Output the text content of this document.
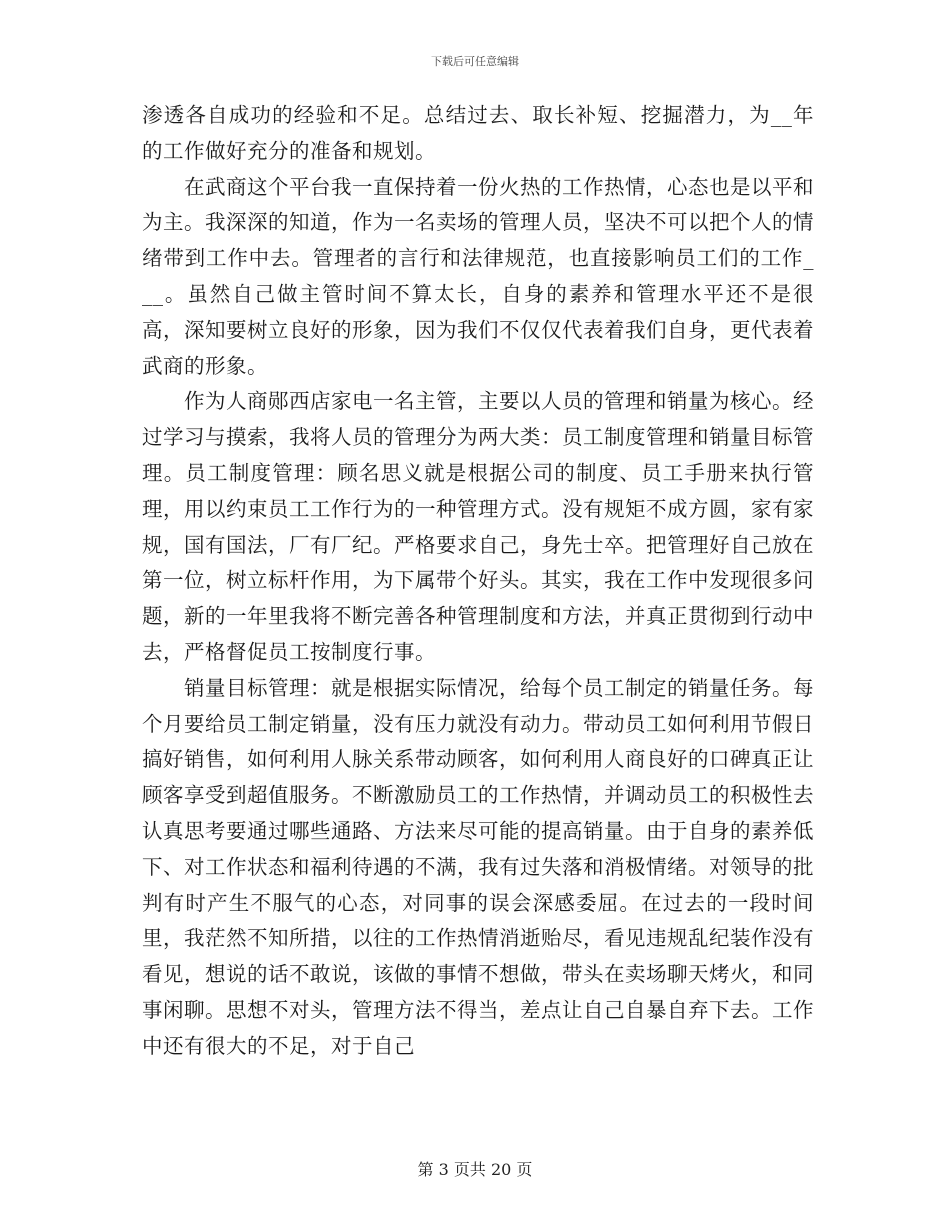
下载后可任意编辑

渗透各自成功的经验和不足。总结过去、取长补短、挖掘潜力，为__年的工作做好充分的准备和规划。

在武商这个平台我一直保持着一份火热的工作热情，心态也是以平和为主。我深深的知道，作为一名卖场的管理人员，坚决不可以把个人的情绪带到工作中去。管理者的言行和法律规范，也直接影响员工们的工作___。虽然自己做主管时间不算太长，自身的素养和管理水平还不是很高，深知要树立良好的形象，因为我们不仅仅代表着我们自身，更代表着武商的形象。

作为人商郧西店家电一名主管，主要以人员的管理和销量为核心。经过学习与摸索，我将人员的管理分为两大类：员工制度管理和销量目标管理。员工制度管理：顾名思义就是根据公司的制度、员工手册来执行管理，用以约束员工工作行为的一种管理方式。没有规矩不成方圆，家有家规，国有国法，厂有厂纪。严格要求自己，身先士卒。把管理好自己放在第一位，树立标杆作用，为下属带个好头。其实，我在工作中发现很多问题，新的一年里我将不断完善各种管理制度和方法，并真正贯彻到行动中去，严格督促员工按制度行事。

销量目标管理：就是根据实际情况，给每个员工制定的销量任务。每个月要给员工制定销量，没有压力就没有动力。带动员工如何利用节假日搞好销售，如何利用人脉关系带动顾客，如何利用人商良好的口碑真正让顾客享受到超值服务。不断激励员工的工作热情，并调动员工的积极性去认真思考要通过哪些通路、方法来尽可能的提高销量。由于自身的素养低下、对工作状态和福利待遇的不满，我有过失落和消极情绪。对领导的批判有时产生不服气的心态，对同事的误会深感委屈。在过去的一段时间里，我茫然不知所措，以往的工作热情消逝贻尽，看见违规乱纪装作没有看见，想说的话不敢说，该做的事情不想做，带头在卖场聊天烤火，和同事闲聊。思想不对头，管理方法不得当，差点让自己自暴自弃下去。工作中还有很大的不足，对于自己

第 3 页共 20 页
